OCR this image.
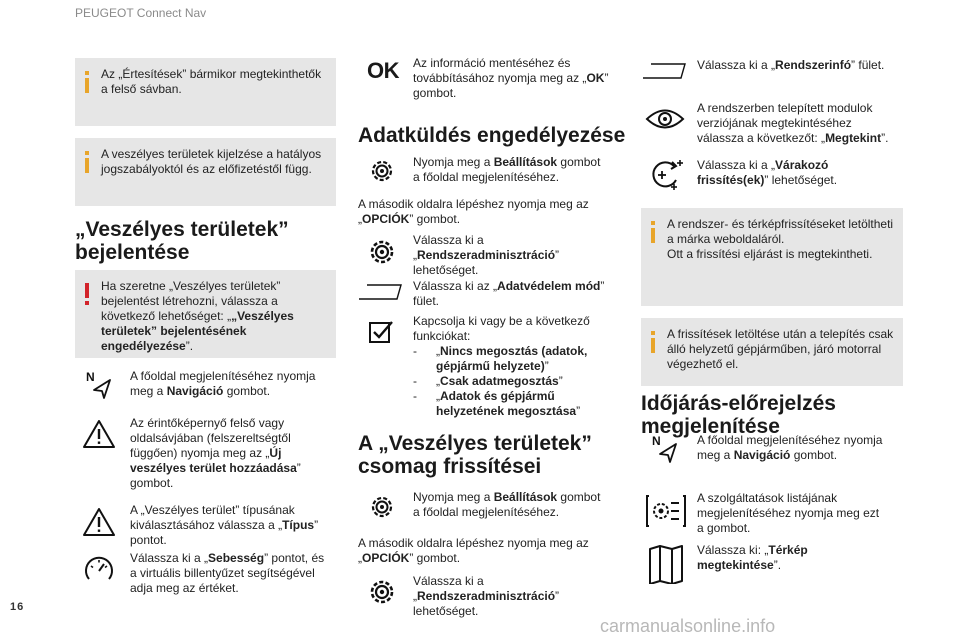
PEUGEOT Connect Nav
16
carmanualsonline.info
Az „Értesítések” bármikor megtekinthetők
a felső sávban.
A veszélyes területek kijelzése a hatályos
jogszabályoktól és az előfizetéstől függ.
„Veszélyes területek”
bejelentése
Ha szeretne „Veszélyes területek”
bejelentést létrehozni, válassza a
következő lehetőséget: „„Veszélyes
területek” bejelentésének
engedélyezése”.
N	A főoldal megjelenítéséhez nyomja
meg a Navigáció gombot.
Az érintőképernyő felső vagy
oldalsávjában (felszereltségtől
függően) nyomja meg az „Új
veszélyes terület hozzáadása”
gombot.
A „Veszélyes terület” típusának
kiválasztásához válassza a „Típus”
pontot.
Válassza ki a „Sebesség” pontot, és
a virtuális billentyűzet segítségével
adja meg az értéket.
OK Az információ mentéséhez és
továbbításához nyomja meg az „OK”
gombot.
Adatküldés engedélyezése
Nyomja meg a Beállítások gombot
a főoldal megjelenítéséhez.
A második oldalra lépéshez nyomja meg az
„OPCIÓK” gombot.
Válassza ki a
„Rendszeradminisztráció”
lehetőséget.
Válassza ki az „Adatvédelem mód”
fület.
Kapcsolja ki vagy be a következő
funkciókat:
- „Nincs megosztás (adatok,
gépjármű helyzete)”
- „Csak adatmegosztás”
- „Adatok és gépjármű
helyzetének megosztása”
A „Veszélyes területek”
csomag frissítései
Nyomja meg a Beállítások gombot
a főoldal megjelenítéséhez.
A második oldalra lépéshez nyomja meg az
„OPCIÓK” gombot.
Válassza ki a
„Rendszeradminisztráció”
lehetőséget.
Válassza ki a „Rendszerinfó” fület.
A rendszerben telepített modulok
verziójának megtekintéséhez
válassza a következőt: „Megtekint”.
Válassza ki a „Várakozó
frissítés(ek)” lehetőséget.
A rendszer- és térképfrissítéseket letöltheti
a márka weboldaláról.
Ott a frissítési eljárást is megtekintheti.
A frissítések letöltése után a telepítés csak
álló helyzetű gépjárműben, járó motorral
végezhető el.
Időjárás-előrejelzés
megjelenítése
N	A főoldal megjelenítéséhez nyomja
meg a Navigáció gombot.
A szolgáltatások listájának
megjelenítéséhez nyomja meg ezt
a gombot.
Válassza ki: „Térkép
megtekintése”.
